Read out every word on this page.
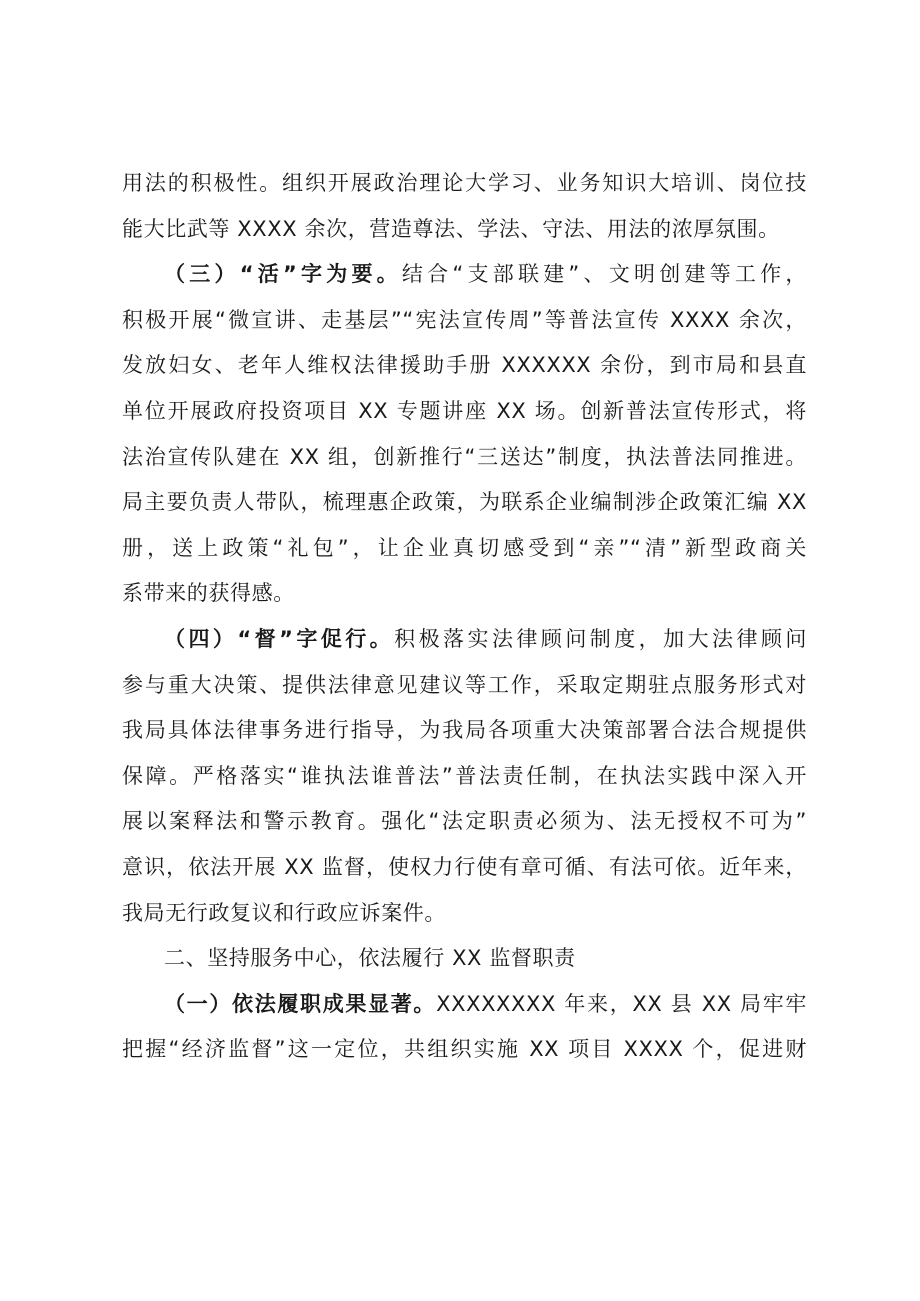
用法的积极性。组织开展政治理论大学习、业务知识大培训、岗位技
能大比武等 XXXX 余次，营造尊法、学法、守法、用法的浓厚氛围。
（三）“活”字为要。结合“支部联建”、文明创建等工作，
积极开展“微宣讲、走基层”“宪法宣传周”等普法宣传 XXXX 余次，
发放妇女、老年人维权法律援助手册 XXXXXX 余份，到市局和县直
单位开展政府投资项目 XX 专题讲座 XX 场。创新普法宣传形式，将
法治宣传队建在 XX 组，创新推行“三送达”制度，执法普法同推进。
局主要负责人带队，梳理惠企政策，为联系企业编制涉企政策汇编 XX
册，送上政策“礼包”，让企业真切感受到“亲”“清”新型政商关
系带来的获得感。
（四）“督”字促行。积极落实法律顾问制度，加大法律顾问
参与重大决策、提供法律意见建议等工作，采取定期驻点服务形式对
我局具体法律事务进行指导，为我局各项重大决策部署合法合规提供
保障。严格落实“谁执法谁普法”普法责任制，在执法实践中深入开
展以案释法和警示教育。强化“法定职责必须为、法无授权不可为”
意识，依法开展 XX 监督，使权力行使有章可循、有法可依。近年来，
我局无行政复议和行政应诉案件。
二、坚持服务中心，依法履行 XX 监督职责
（一）依法履职成果显著。XXXXXXXX 年来，XX 县 XX 局牢牢
把握“经济监督”这一定位，共组织实施 XX 项目 XXXX 个，促进财
